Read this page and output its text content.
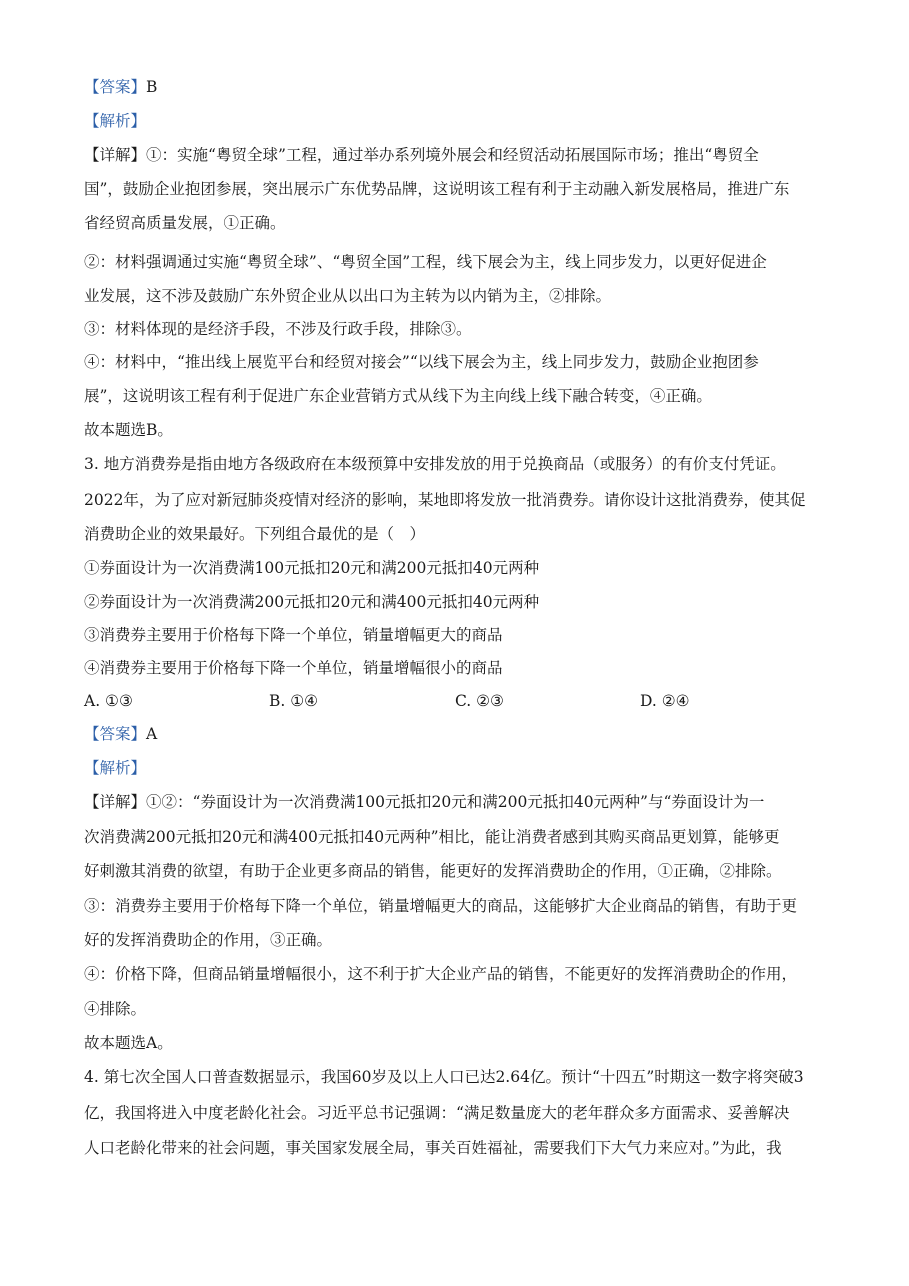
【答案】B
【解析】
【详解】①：实施“粤贸全球”工程，通过举办系列境外展会和经贸活动拓展国际市场；推出“粤贸全
国”，鼓励企业抱团参展，突出展示广东优势品牌，这说明该工程有利于主动融入新发展格局，推进广东
省经贸高质量发展，①正确。
②：材料强调通过实施“粤贸全球”、“粤贸全国”工程，线下展会为主，线上同步发力，以更好促进企
业发展，这不涉及鼓励广东外贸企业从以出口为主转为以内销为主，②排除。
③：材料体现的是经济手段，不涉及行政手段，排除③。
④：材料中，“推出线上展览平台和经贸对接会”“以线下展会为主，线上同步发力，鼓励企业抱团参
展”，这说明该工程有利于促进广东企业营销方式从线下为主向线上线下融合转变，④正确。
故本题选B。
3. 地方消费券是指由地方各级政府在本级预算中安排发放的用于兑换商品（或服务）的有价支付凭证。
2022年，为了应对新冠肺炎疫情对经济的影响，某地即将发放一批消费券。请你设计这批消费券，使其促
消费助企业的效果最好。下列组合最优的是（　）
①券面设计为一次消费满100元抵扣20元和满200元抵扣40元两种
②券面设计为一次消费满200元抵扣20元和满400元抵扣40元两种
③消费券主要用于价格每下降一个单位，销量增幅更大的商品
④消费券主要用于价格每下降一个单位，销量增幅很小的商品
A. ①③	B. ①④	C. ②③	D. ②④
【答案】A
【解析】
【详解】①②：“券面设计为一次消费满100元抵扣20元和满200元抵扣40元两种”与“券面设计为一
次消费满200元抵扣20元和满400元抵扣40元两种”相比，能让消费者感到其购买商品更划算，能够更
好刺激其消费的欲望，有助于企业更多商品的销售，能更好的发挥消费助企的作用，①正确，②排除。
③：消费券主要用于价格每下降一个单位，销量增幅更大的商品，这能够扩大企业商品的销售，有助于更
好的发挥消费助企的作用，③正确。
④：价格下降，但商品销量增幅很小，这不利于扩大企业产品的销售，不能更好的发挥消费助企的作用，
④排除。
故本题选A。
4. 第七次全国人口普查数据显示，我国60岁及以上人口已达2.64亿。预计“十四五”时期这一数字将突破3
亿，我国将进入中度老龄化社会。习近平总书记强调：“满足数量庞大的老年群众多方面需求、妥善解决
人口老龄化带来的社会问题，事关国家发展全局，事关百姓福祉，需要我们下大气力来应对。”为此，我
